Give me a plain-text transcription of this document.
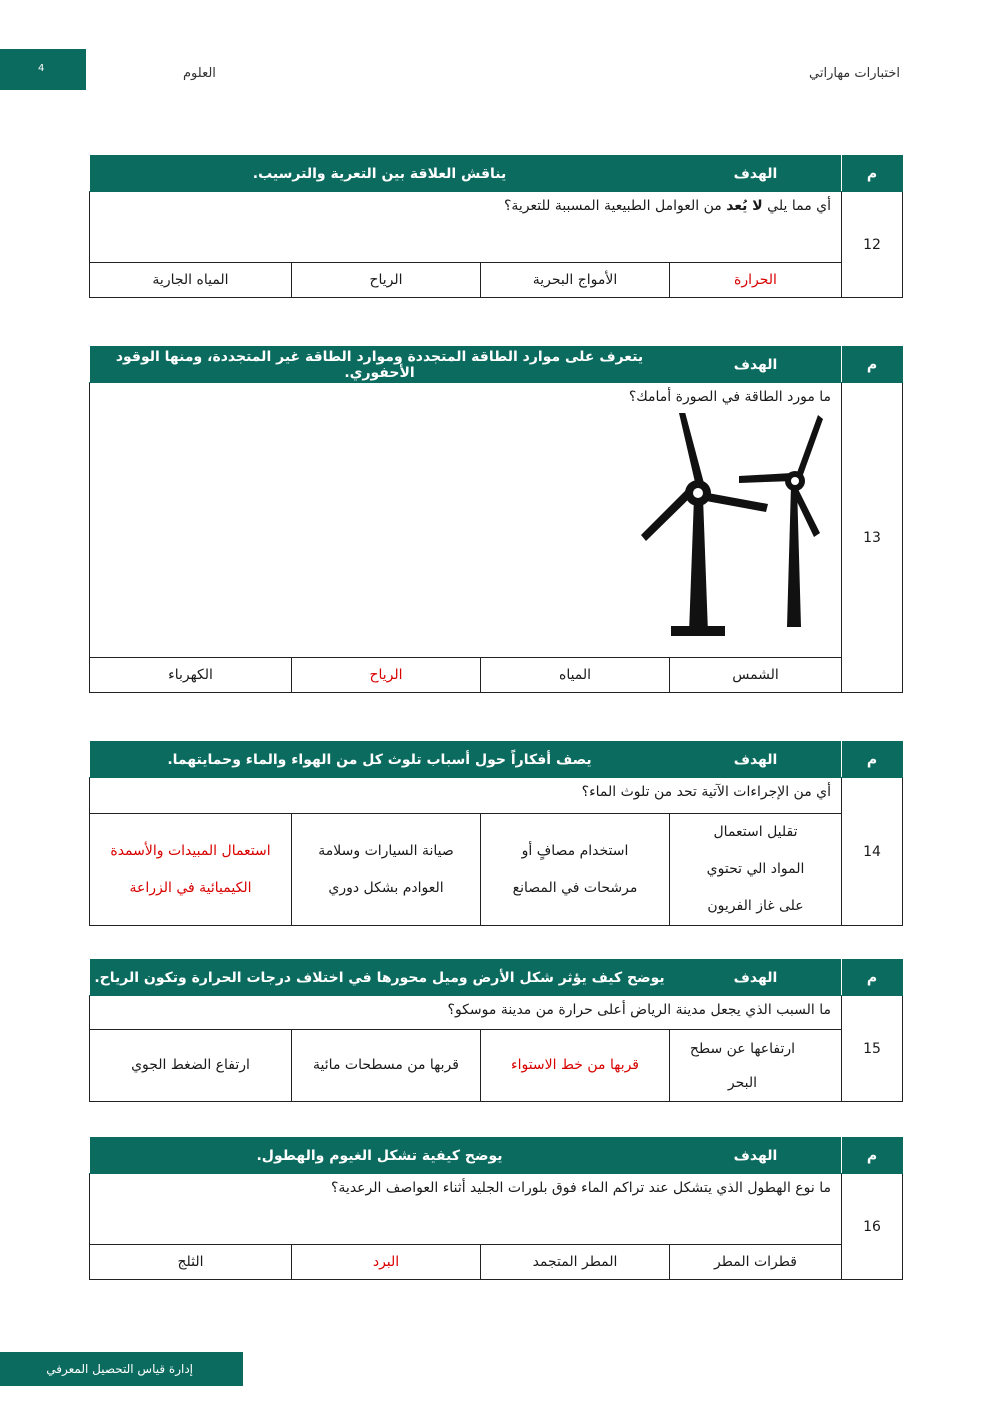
4	العلوم	اختبارات مهاراتي
م	الهدف	يناقش العلاقة بين التعرية والترسيب.		
12	أي مما يلي لا يُعد من العوامل الطبيعية المسببة للتعرية؟			
	الحرارة	الأمواج البحرية	الرياح	المياه الجارية
م	الهدف	يتعرف على موارد الطاقة المتجددة وموارد الطاقة غير المتجددة، ومنها الوقود الأحفوري.		
13	ما مورد الطاقة في الصورة أمامك؟			

	الشمس	المياه	الرياح	الكهرباء
م	الهدف	يصف أفكاراً حول أسباب تلوث كل من الهواء والماء وحمايتهما.		
14	أي من الإجراءات الآتية تحد من تلوث الماء؟			
	تقليل استعمال المواد الي تحتوي على غاز الفريون	استخدام مصافٍ أو مرشحات في المصانع	صيانة السيارات وسلامة العوادم بشكل دوري	استعمال المبيدات والأسمدة الكيميائية في الزراعة
م	الهدف	يوضح كيف يؤثر شكل الأرض وميل محورها في اختلاف درجات الحرارة وتكون الرياح.		
15	ما السبب الذي يجعل مدينة الرياض أعلى حرارة من مدينة موسكو؟			
	ارتفاعها عن سطح البحر	قربها من خط الاستواء	قربها من مسطحات مائية	ارتفاع الضغط الجوي
م	الهدف	يوضح كيفية تشكل الغيوم والهطول.		
16	ما نوع الهطول الذي يتشكل عند تراكم الماء فوق بلورات الجليد أثناء العواصف الرعدية؟			
	قطرات المطر	المطر المتجمد	البرد	الثلج
إدارة قياس التحصيل المعرفي
